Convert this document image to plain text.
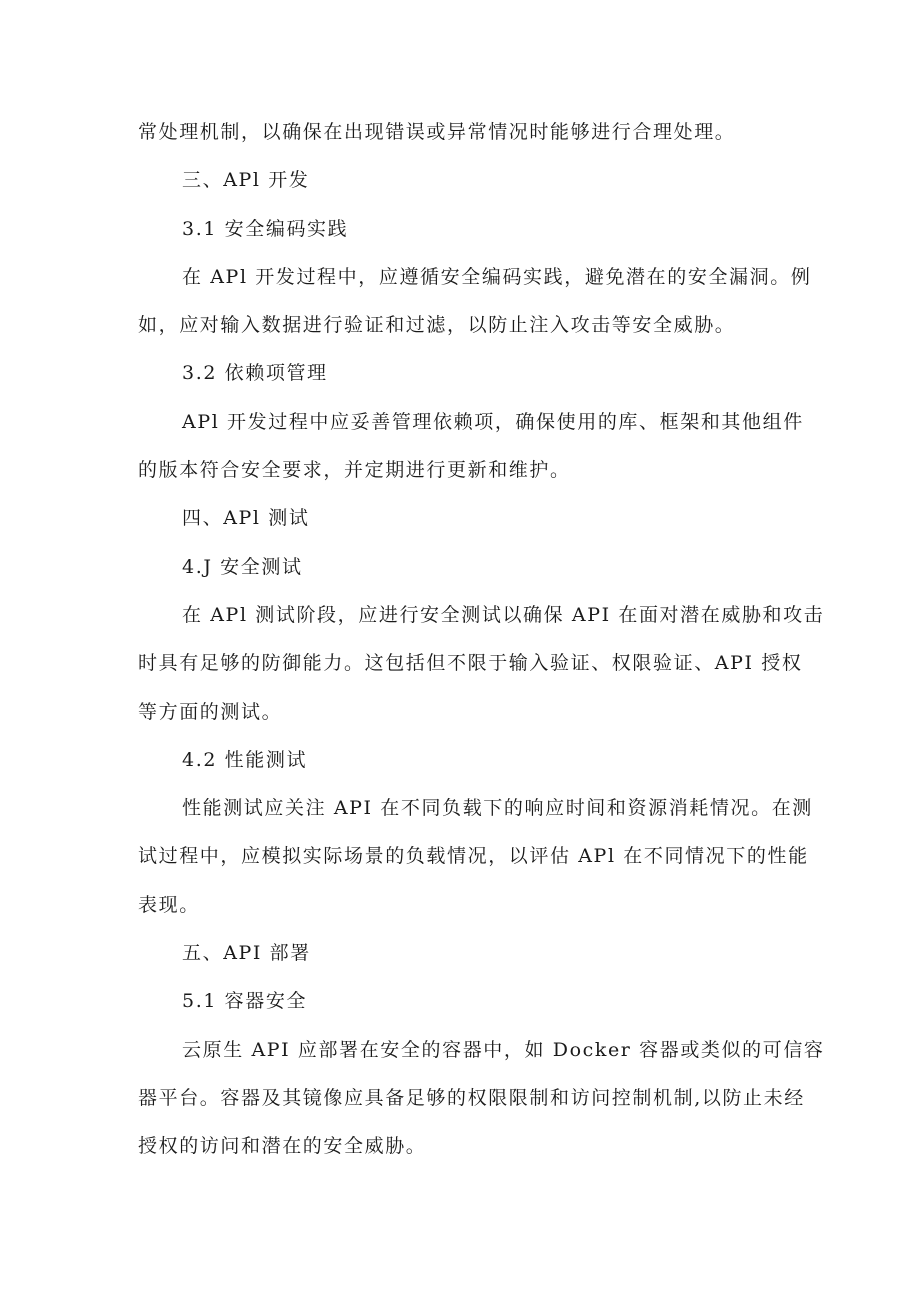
常处理机制，以确保在出现错误或异常情况时能够进行合理处理。
三、APl 开发
3.1 安全编码实践
在 APl 开发过程中，应遵循安全编码实践，避免潜在的安全漏洞。例
如，应对输入数据进行验证和过滤，以防止注入攻击等安全威胁。
3.2 依赖项管理
APl 开发过程中应妥善管理依赖项，确保使用的库、框架和其他组件
的版本符合安全要求，并定期进行更新和维护。
四、APl 测试
4.J 安全测试
在 APl 测试阶段，应进行安全测试以确保 API 在面对潜在威胁和攻击
时具有足够的防御能力。这包括但不限于输入验证、权限验证、API 授权
等方面的测试。
4.2 性能测试
性能测试应关注 API 在不同负载下的响应时间和资源消耗情况。在测
试过程中，应模拟实际场景的负载情况，以评估 APl 在不同情况下的性能
表现。
五、API 部署
5.1 容器安全
云原生 API 应部署在安全的容器中，如 Docker 容器或类似的可信容
器平台。容器及其镜像应具备足够的权限限制和访问控制机制,以防止未经
授权的访问和潜在的安全威胁。
